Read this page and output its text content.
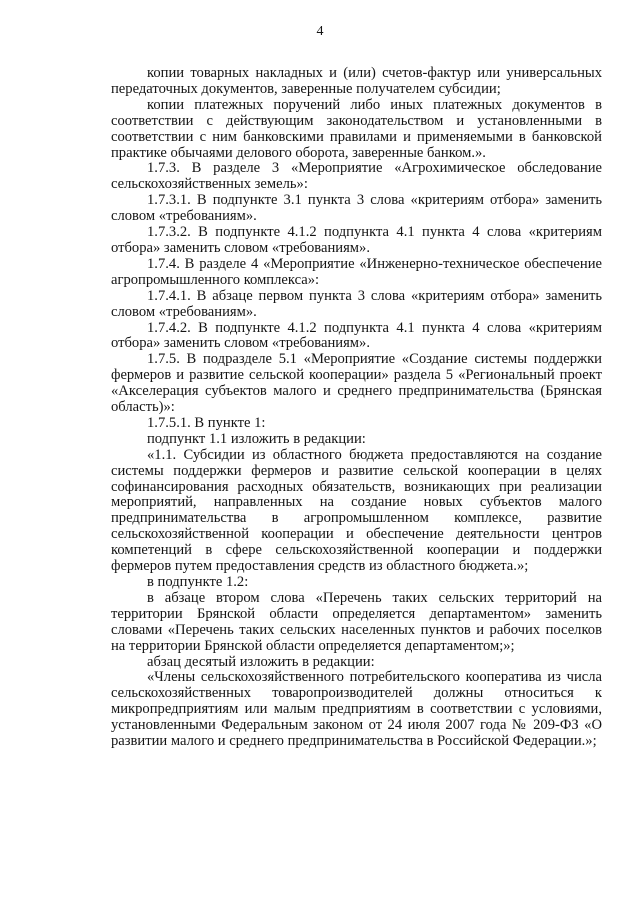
4

копии товарных накладных и (или) счетов-фактур или универсальных передаточных документов, заверенные получателем субсидии;

копии платежных поручений либо иных платежных документов в соответствии с действующим законодательством и установленными в соответствии с ним банковскими правилами и применяемыми в банковской практике обычаями делового оборота, заверенные банком.».

1.7.3. В разделе 3 «Мероприятие «Агрохимическое обследование сельскохозяйственных земель»:

1.7.3.1. В подпункте 3.1 пункта 3 слова «критериям отбора» заменить словом «требованиям».

1.7.3.2. В подпункте 4.1.2 подпункта 4.1 пункта 4 слова «критериям отбора» заменить словом «требованиям».

1.7.4. В разделе 4 «Мероприятие «Инженерно-техническое обеспечение агропромышленного комплекса»:

1.7.4.1. В абзаце первом пункта 3 слова «критериям отбора» заменить словом «требованиям».

1.7.4.2. В подпункте 4.1.2 подпункта 4.1 пункта 4 слова «критериям отбора» заменить словом «требованиям».

1.7.5. В подразделе 5.1 «Мероприятие «Создание системы поддержки фермеров и развитие сельской кооперации» раздела 5 «Региональный проект «Акселерация субъектов малого и среднего предпринимательства (Брянская область)»:

1.7.5.1. В пункте 1:

подпункт 1.1 изложить в редакции:

«1.1. Субсидии из областного бюджета предоставляются на создание системы поддержки фермеров и развитие сельской кооперации в целях софинансирования расходных обязательств, возникающих при реализации мероприятий, направленных на создание новых субъектов малого предпринимательства в агропромышленном комплексе, развитие сельскохозяйственной кооперации и обеспечение деятельности центров компетенций в сфере сельскохозяйственной кооперации и поддержки фермеров путем предоставления средств из областного бюджета.»;

в подпункте 1.2:

в абзаце втором слова «Перечень таких сельских территорий на территории Брянской области определяется департаментом» заменить словами «Перечень таких сельских населенных пунктов и рабочих поселков на территории Брянской области определяется департаментом;»;

абзац десятый изложить в редакции:

«Члены сельскохозяйственного потребительского кооператива из числа сельскохозяйственных товаропроизводителей должны относиться к микропредприятиям или малым предприятиям в соответствии с условиями, установленными Федеральным законом от 24 июля 2007 года № 209-ФЗ «О развитии малого и среднего предпринимательства в Российской Федерации.»;
